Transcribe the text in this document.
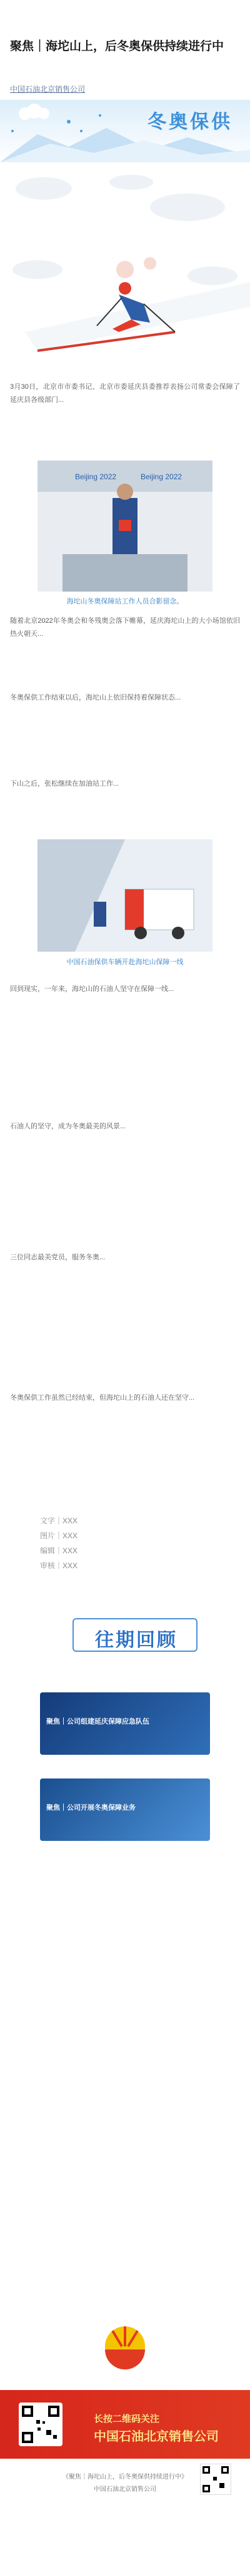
聚焦｜海坨山上，后冬奥保供持续进行中
中国石油北京销售公司
冬奥保供
3月30日，北京市市委书记、北京市委延庆县委推荐表扬公司常委会保障了延庆县各级部门...
Beijing 2022	Beijing 2022
海坨山冬奥保障站工作人员合影留念。
随着北京2022年冬奥会和冬残奥会落下帷幕，延庆海坨山上的大小场馆依旧热火朝天...
冬奥保供工作结束以后，海坨山上依旧保持着保障状态...
下山之后，张松继续在加油站工作...
中国石油保供车辆开赴海坨山保障一线
回到现实，一年来，海坨山的石油人坚守在保障一线...
石油人的坚守，成为冬奥最美的风景...
三位同志最美党员，服务冬奥...
冬奥保供工作虽然已经结束，但海坨山上的石油人还在坚守...
文字｜XXX
图片｜XXX
编辑｜XXX
审核｜XXX
往期回顾
聚焦｜公司组建延庆保障应急队伍
聚焦｜公司开展冬奥保障业务
长按二维码关注
中国石油北京销售公司
《聚焦｜海坨山上，后冬奥保供持续进行中》
中国石油北京销售公司
